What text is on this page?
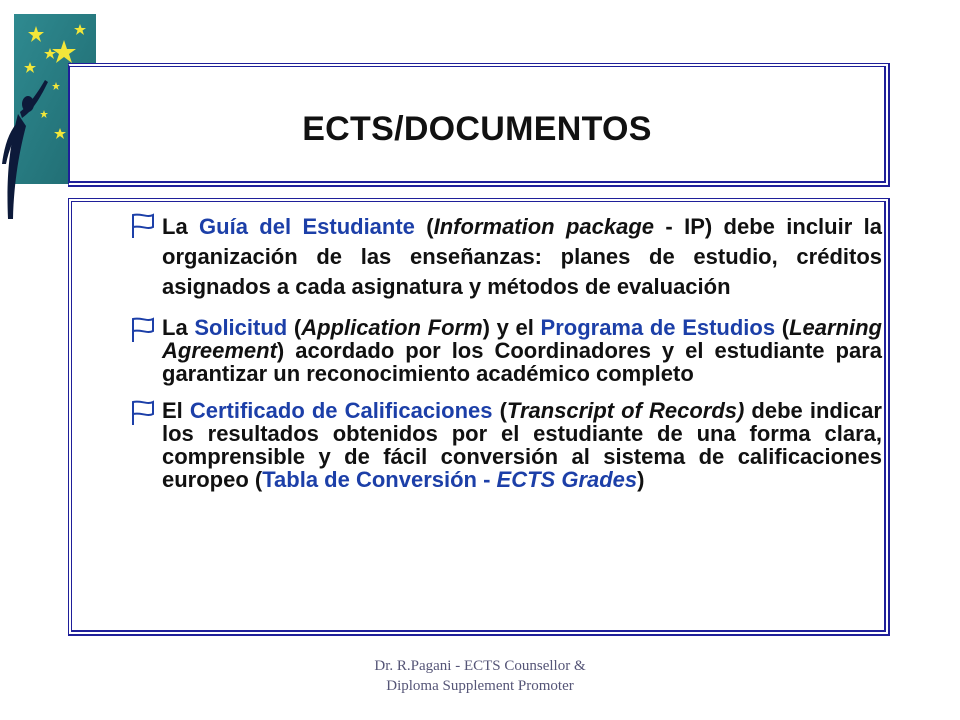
ECTS/DOCUMENTOS
La Guía del Estudiante (Information package - IP) debe incluir la organización de las enseñanzas: planes de estudio, créditos asignados a cada asignatura y métodos de evaluación
La Solicitud (Application Form) y el Programa de Estudios (Learning Agreement) acordado por los Coordinadores y el estudiante para garantizar un reconocimiento académico completo
El Certificado de Calificaciones (Transcript of Records) debe indicar los resultados obtenidos por el estudiante de una forma clara, comprensible y de fácil conversión al sistema de calificaciones europeo (Tabla de Conversión - ECTS Grades)
Dr. R.Pagani - ECTS Counsellor &
Diploma Supplement Promoter
